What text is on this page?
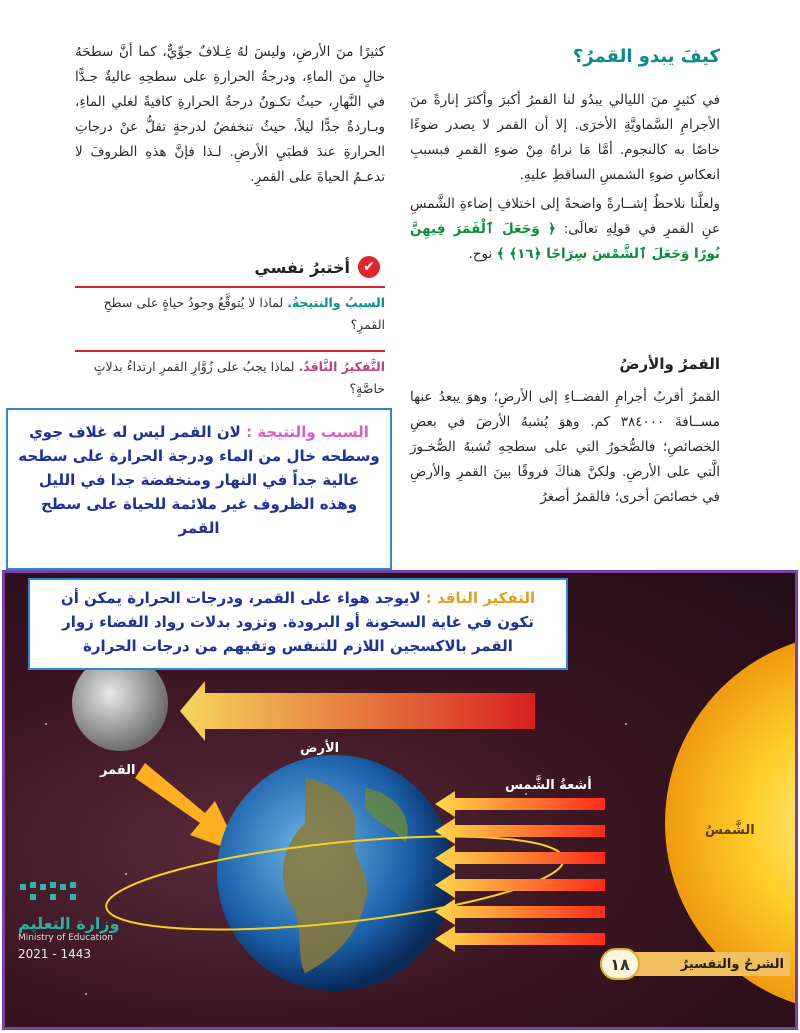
كيفَ يبدو القمرُ؟

في كثيرٍ منَ الليالي يبدُو لنا القمرُ أكبرَ وأكثرَ إنارةً منَ الأجرامِ السَّماويَّةِ الأخرَى. إلا أن القمر لا يصدر ضوءًا خاصًا به كالنجوم. أمَّا مَا نراهُ مِنْ ضوءِ القمرِ فبسببِ انعكاسِ ضوءِ الشمسِ الساقطِ عليهِ.

ولعلَّنا نلاحظُ إشــارةً واضحةً إلى اختلافِ إضاءةِ الشَّمسِ عنِ القمرِ في قولِهِ تعالَى: ﴿ وَجَعَلَ ٱلْقَمَرَ فِيهِنَّ نُورًا وَجَعَلَ ٱلشَّمْسَ سِرَاجًا ﴿١٦﴾ ﴾ نوح.

القمرُ والأرضُ
القمرُ أقربُ أجرامِ الفضــاءِ إلى الأرضِ؛ وهوَ يبعدُ عنها مســافةَ ٣٨٤٠٠٠ كم. وهوَ يُشبهُ الأرضَ في بعضِ الخصائصِ؛ فالصُّخورُ التي على سطحِهِ تُشبهُ الصُّخـورَ الَّتي على الأرضِ. ولكنَّ هناكَ فروقًا بينَ القمرِ والأرضِ في خصائصَ أخرى؛ فالقمرُ أصغرُ
كثيرًا منَ الأرضِ، وليسَ لهُ غِـلافٌ جوِّيٌّ، كما أنَّ سطحَهُ خالٍ منَ الماءِ، ودرجةُ الحرارةِ على سطحِهِ عاليةٌ جـدًّا في النَّهارِ، حيثُ تكـونُ درجةُ الحرارةِ كافيةً لغلي الماءِ، وبـاردةٌ جدًّا ليلاً، حيثُ تنخفضُ لدرجةٍ تقلُّ عنْ درجاتِ الحرارةِ عندَ قطبَيِ الأرضِ. لـذا فإنَّ هذهِ الظروفَ لا تدعـمُ الحياةَ على القمرِ.
✔
أختبرُ نفسي
السببُ والنتيجةُ. لماذا لا يُتوقَّعُ وجودُ حياةٍ على سطحِ القمرِ؟
التَّفكيرُ النَّاقدُ. لماذا يجبُ على زُوَّارِ القمرِ ارتداءُ بدلاتٍ خاصَّةٍ؟
السبب والنتيجة : لان القمر ليس له غلاف جوي وسطحه خال من الماء ودرجة الحرارة على سطحه عالية جداً في النهار ومنخفضة جدا في الليل وهذه الظروف غير ملائمة للحياة على سطح القمر
القمر
الأرض
أشعةُ الشَّمس
الشَّمسُ
التفكير الناقد : لايوجد هواء على القمر، ودرجات الحرارة يمكن أن تكون في غاية السخونة أو البرودة. وتزود بدلات رواد الفضاء زوار القمر بالاكسجين اللازم للتنفس وتقيهم من درجات الحرارة
الشرحُ والتفسيرُ
١٨
وزارة التعليم
Ministry of Education
2021 - 1443
